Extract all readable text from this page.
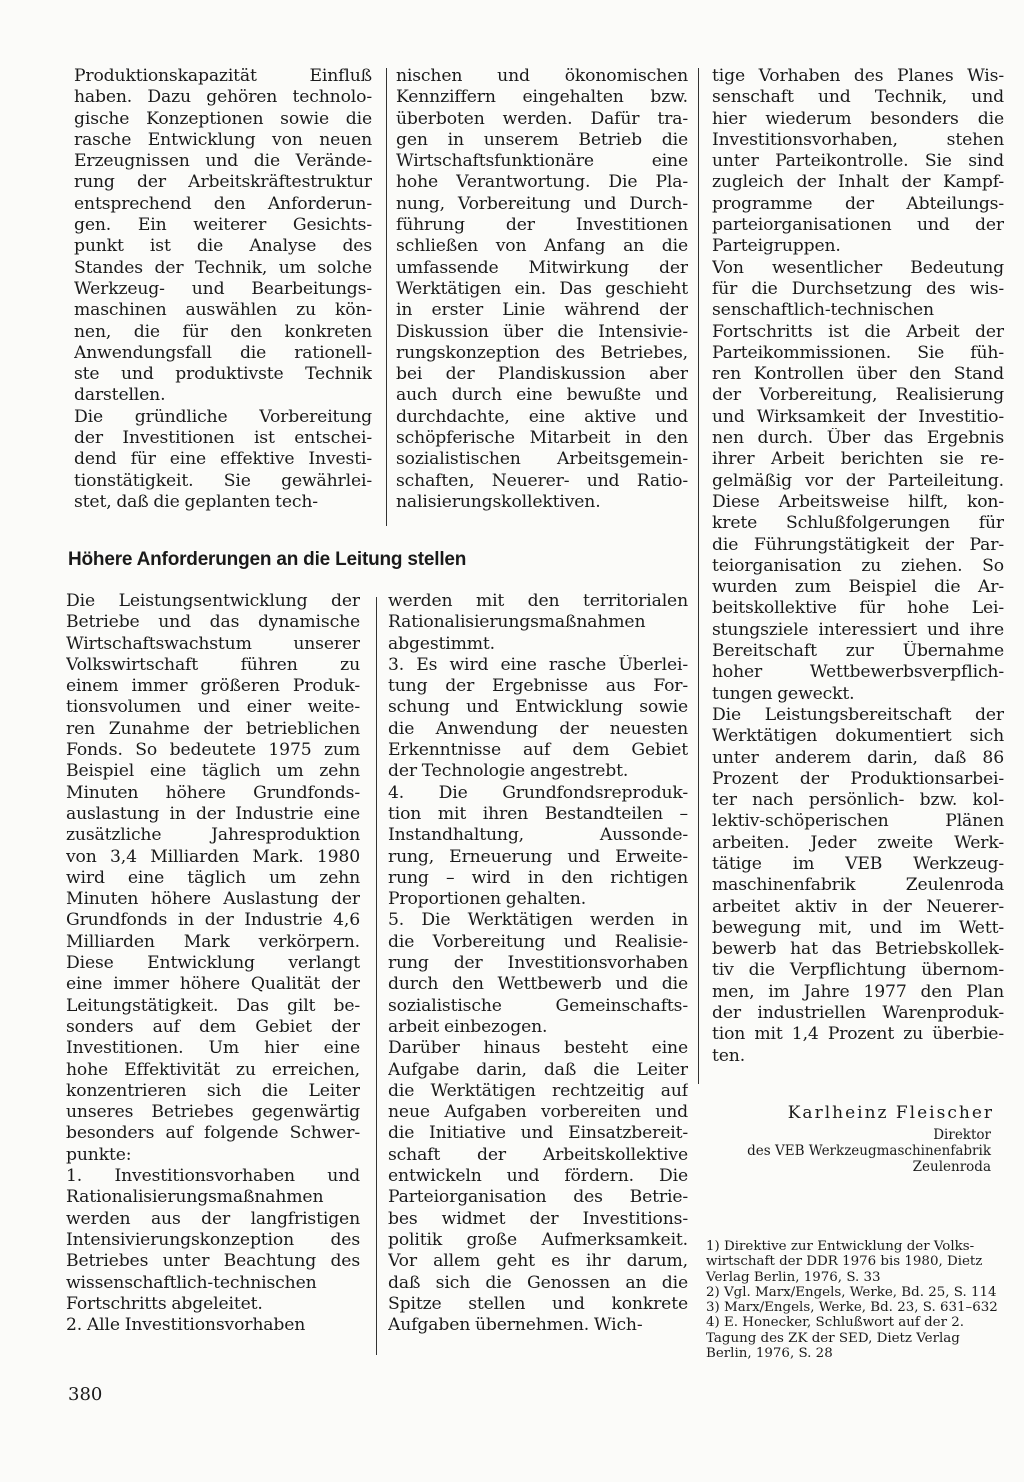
Produktionskapazität Einfluß
haben. Dazu gehören technolo-
gische Konzeptionen sowie die
rasche Entwicklung von neuen
Erzeugnissen und die Verände-
rung der Arbeitskräftestruktur
entsprechend den Anforderun-
gen. Ein weiterer Gesichts-
punkt ist die Analyse des
Standes der Technik, um solche
Werkzeug- und Bearbeitungs-
maschinen auswählen zu kön-
nen, die für den konkreten
Anwendungsfall die rationell-
ste und produktivste Technik
darstellen.
Die gründliche Vorbereitung
der Investitionen ist entschei-
dend für eine effektive Investi-
tionstätigkeit. Sie gewährlei-
stet, daß die geplanten tech-
nischen und ökonomischen
Kennziffern eingehalten bzw.
überboten werden. Dafür tra-
gen in unserem Betrieb die
Wirtschaftsfunktionäre eine
hohe Verantwortung. Die Pla-
nung, Vorbereitung und Durch-
führung der Investitionen
schließen von Anfang an die
umfassende Mitwirkung der
Werktätigen ein. Das geschieht
in erster Linie während der
Diskussion über die Intensivie-
rungskonzeption des Betriebes,
bei der Plandiskussion aber
auch durch eine bewußte und
durchdachte, eine aktive und
schöpferische Mitarbeit in den
sozialistischen Arbeitsgemein-
schaften, Neuerer- und Ratio-
nalisierungskollektiven.
Höhere Anforderungen an die Leitung stellen
Die Leistungsentwicklung der
Betriebe und das dynamische
Wirtschaftswachstum unserer
Volkswirtschaft führen zu
einem immer größeren Produk-
tionsvolumen und einer weite-
ren Zunahme der betrieblichen
Fonds. So bedeutete 1975 zum
Beispiel eine täglich um zehn
Minuten höhere Grundfonds-
auslastung in der Industrie eine
zusätzliche Jahresproduktion
von 3,4 Milliarden Mark. 1980
wird eine täglich um zehn
Minuten höhere Auslastung der
Grundfonds in der Industrie 4,6
Milliarden Mark verkörpern.
Diese Entwicklung verlangt
eine immer höhere Qualität der
Leitungstätigkeit. Das gilt be-
sonders auf dem Gebiet der
Investitionen. Um hier eine
hohe Effektivität zu erreichen,
konzentrieren sich die Leiter
unseres Betriebes gegenwärtig
besonders auf folgende Schwer-
punkte:
1. Investitionsvorhaben und
Rationalisierungsmaßnahmen
werden aus der langfristigen
Intensivierungskonzeption des
Betriebes unter Beachtung des
wissenschaftlich-technischen
Fortschritts abgeleitet.
2. Alle Investitionsvorhaben
werden mit den territorialen
Rationalisierungsmaßnahmen
abgestimmt.
3. Es wird eine rasche Überlei-
tung der Ergebnisse aus For-
schung und Entwicklung sowie
die Anwendung der neuesten
Erkenntnisse auf dem Gebiet
der Technologie angestrebt.
4. Die Grundfondsreproduk-
tion mit ihren Bestandteilen –
Instandhaltung, Aussonde-
rung, Erneuerung und Erweite-
rung – wird in den richtigen
Proportionen gehalten.
5. Die Werktätigen werden in
die Vorbereitung und Realisie-
rung der Investitionsvorhaben
durch den Wettbewerb und die
sozialistische Gemeinschafts-
arbeit einbezogen.
Darüber hinaus besteht eine
Aufgabe darin, daß die Leiter
die Werktätigen rechtzeitig auf
neue Aufgaben vorbereiten und
die Initiative und Einsatzbereit-
schaft der Arbeitskollektive
entwickeln und fördern. Die
Parteiorganisation des Betrie-
bes widmet der Investitions-
politik große Aufmerksamkeit.
Vor allem geht es ihr darum,
daß sich die Genossen an die
Spitze stellen und konkrete
Aufgaben übernehmen. Wich-
tige Vorhaben des Planes Wis-
senschaft und Technik, und
hier wiederum besonders die
Investitionsvorhaben, stehen
unter Parteikontrolle. Sie sind
zugleich der Inhalt der Kampf-
programme der Abteilungs-
parteiorganisationen und der
Parteigruppen.
Von wesentlicher Bedeutung
für die Durchsetzung des wis-
senschaftlich-technischen
Fortschritts ist die Arbeit der
Parteikommissionen. Sie füh-
ren Kontrollen über den Stand
der Vorbereitung, Realisierung
und Wirksamkeit der Investitio-
nen durch. Über das Ergebnis
ihrer Arbeit berichten sie re-
gelmäßig vor der Parteileitung.
Diese Arbeitsweise hilft, kon-
krete Schlußfolgerungen für
die Führungstätigkeit der Par-
teiorganisation zu ziehen. So
wurden zum Beispiel die Ar-
beitskollektive für hohe Lei-
stungsziele interessiert und ihre
Bereitschaft zur Übernahme
hoher Wettbewerbsverpflich-
tungen geweckt.
Die Leistungsbereitschaft der
Werktätigen dokumentiert sich
unter anderem darin, daß 86
Prozent der Produktionsarbei-
ter nach persönlich- bzw. kol-
lektiv-schöperischen Plänen
arbeiten. Jeder zweite Werk-
tätige im VEB Werkzeug-
maschinenfabrik Zeulenroda
arbeitet aktiv in der Neuerer-
bewegung mit, und im Wett-
bewerb hat das Betriebskollek-
tiv die Verpflichtung übernom-
men, im Jahre 1977 den Plan
der industriellen Warenproduk-
tion mit 1,4 Prozent zu überbie-
ten.
Karlheinz Fleischer
Direktor
des VEB Werkzeugmaschinenfabrik
Zeulenroda
1) Direktive zur Entwicklung der Volks-
wirtschaft der DDR 1976 bis 1980, Dietz
Verlag Berlin, 1976, S. 33
2) Vgl. Marx/Engels, Werke, Bd. 25, S. 114
3) Marx/Engels, Werke, Bd. 23, S. 631–632
4) E. Honecker, Schlußwort auf der 2.
Tagung des ZK der SED, Dietz Verlag
Berlin, 1976, S. 28
380
